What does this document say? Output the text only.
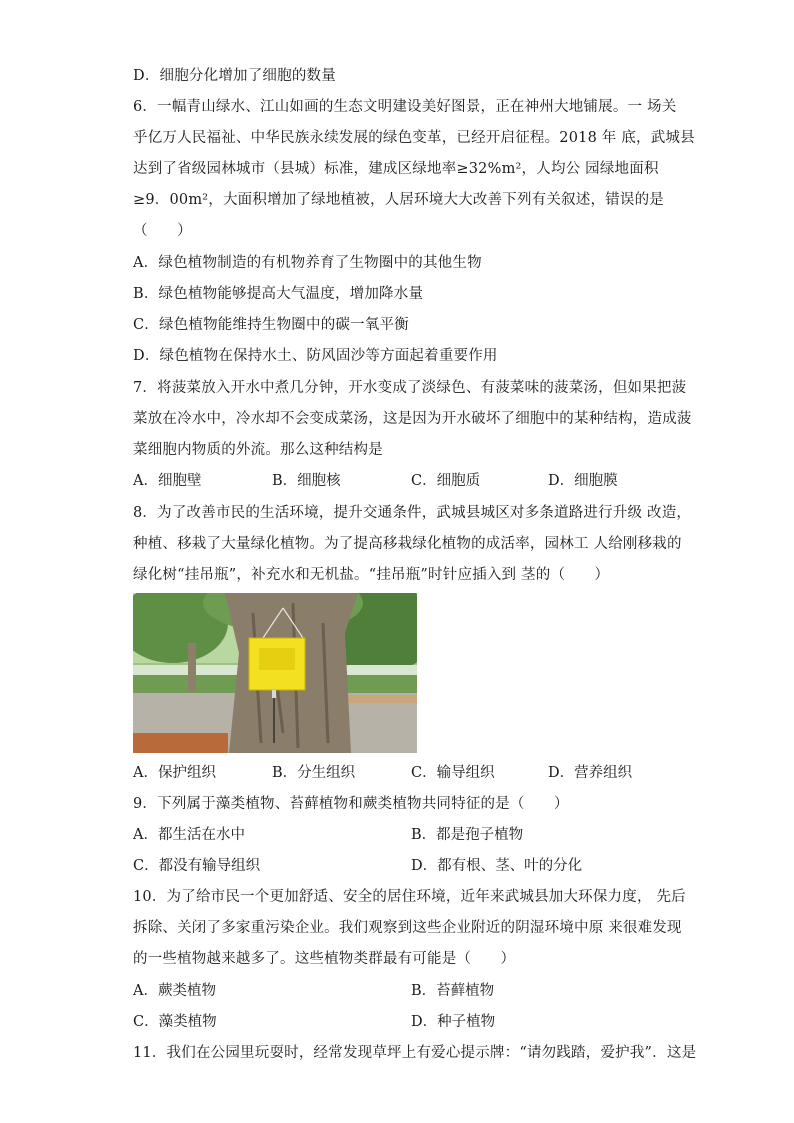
D．细胞分化增加了细胞的数量
6．一幅青山绿水、江山如画的生态文明建设美好图景，正在神州大地铺展。一 场关
乎亿万人民福祉、中华民族永续发展的绿色变革，已经开启征程。2018 年 底，武城县
达到了省级园林城市（县城）标准，建成区绿地率≥32%m²，人均公 园绿地面积
≥9．00m²，大面积增加了绿地植被，人居环境大大改善下列有关叙述，错误的是
（　　）
A．绿色植物制造的有机物养育了生物圈中的其他生物
B．绿色植物能够提高大气温度，增加降水量
C．绿色植物能维持生物圈中的碳一氧平衡
D．绿色植物在保持水土、防风固沙等方面起着重要作用
7．将菠菜放入开水中煮几分钟，开水变成了淡绿色、有菠菜味的菠菜汤，但如果把菠
菜放在冷水中，冷水却不会变成菜汤，这是因为开水破坏了细胞中的某种结构，造成菠
菜细胞内物质的外流。那么这种结构是
A．细胞壁	B．细胞核	C．细胞质	D．细胞膜
8．为了改善市民的生活环境，提升交通条件，武城县城区对多条道路进行升级 改造，
种植、移栽了大量绿化植物。为了提高移栽绿化植物的成活率，园林工 人给刚移栽的
绿化树“挂吊瓶”，补充水和无机盐。“挂吊瓶”时针应插入到 茎的（　　）
A．保护组织	B．分生组织	C．输导组织	D．营养组织
9．下列属于藻类植物、苔藓植物和蕨类植物共同特征的是（　　）
A．都生活在水中	B．都是孢子植物
C．都没有输导组织	D．都有根、茎、叶的分化
10．为了给市民一个更加舒适、安全的居住环境，近年来武城县加大环保力度， 先后
拆除、关闭了多家重污染企业。我们观察到这些企业附近的阴湿环境中原 来很难发现
的一些植物越来越多了。这些植物类群最有可能是（　　）
A．蕨类植物	B．苔藓植物
C．藻类植物	D．种子植物
11．我们在公园里玩耍时，经常发现草坪上有爱心提示牌：“请勿践踏，爱护我”．这是
